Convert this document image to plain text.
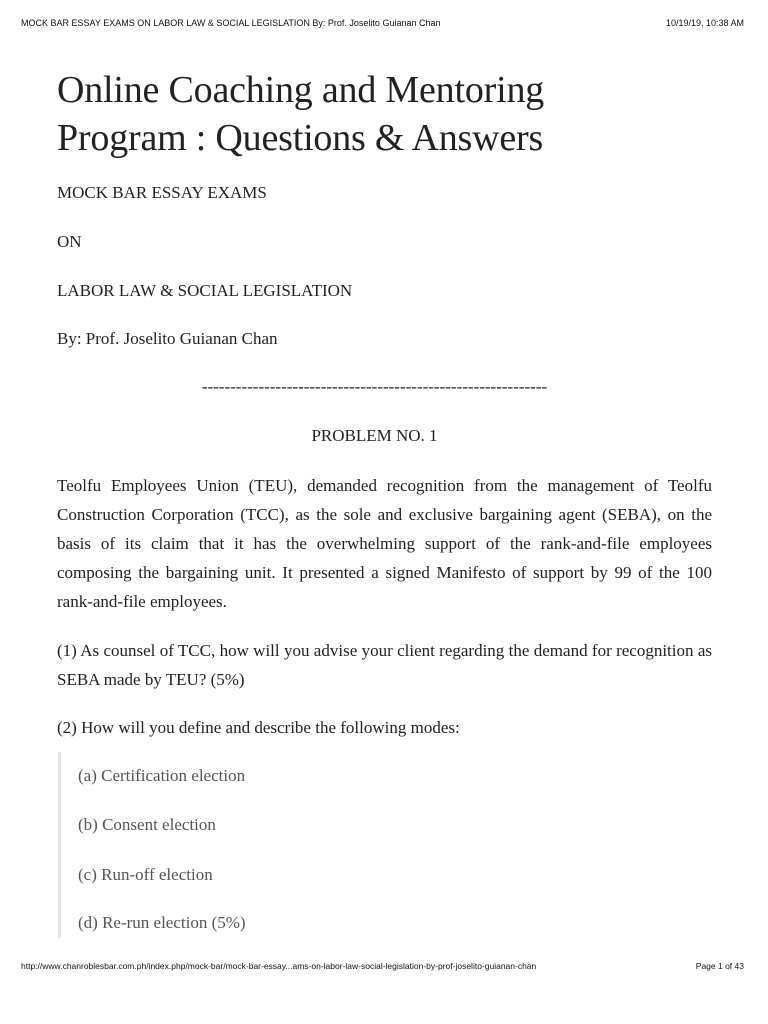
MOCK BAR ESSAY EXAMS ON LABOR LAW & SOCIAL LEGISLATION By: Prof. Joselito Guianan Chan	10/19/19, 10:38 AM
Online Coaching and Mentoring
Program : Questions & Answers

MOCK BAR ESSAY EXAMS

ON

LABOR LAW & SOCIAL LEGISLATION

By: Prof. Joselito Guianan Chan

-------------------------------------------------------------

PROBLEM NO. 1

Teolfu Employees Union (TEU), demanded recognition from the management of Teolfu Construction Corporation (TCC), as the sole and exclusive bargaining agent (SEBA), on the basis of its claim that it has the overwhelming support of the rank-and-file employees composing the bargaining unit. It presented a signed Manifesto of support by 99 of the 100 rank-and-file employees.

(1) As counsel of TCC, how will you advise your client regarding the demand for recognition as SEBA made by TEU? (5%)

(2) How will you define and describe the following modes:

(a) Certification election
(b) Consent election
(c) Run-off election
(d) Re-run election (5%)
http://www.chanroblesbar.com.ph/index.php/mock-bar/mock-bar-essay...ams-on-labor-law-social-legislation-by-prof-joselito-guianan-chan	Page 1 of 43
